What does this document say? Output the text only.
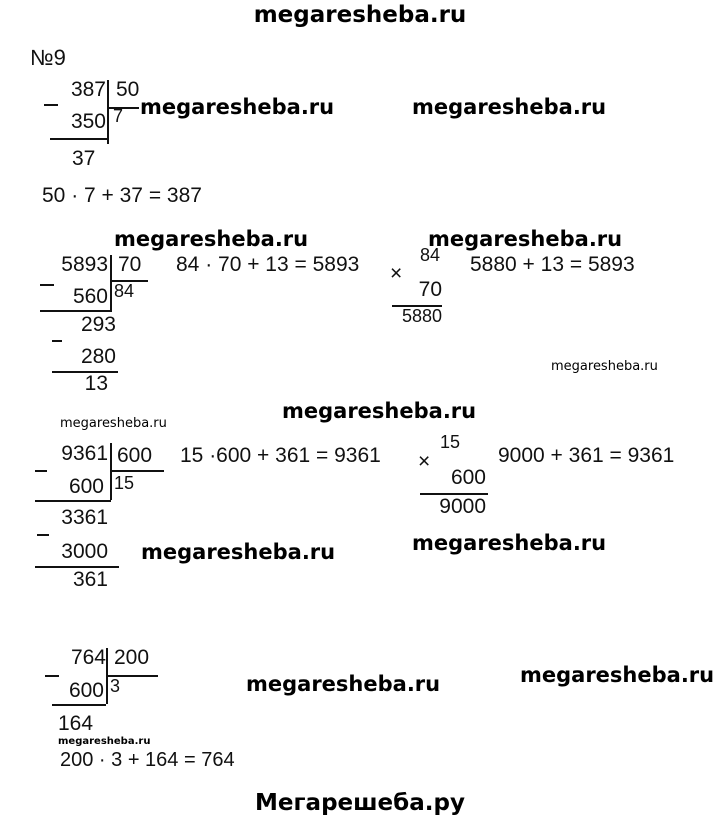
megaresheba.ru
Мегарешеба.ру
№9
387 50
350 7
37
50 · 7 + 37 = 387
5893 70
560 84
293
280
13
84 · 70 + 13 = 5893 ×
84
70
5880
5880 + 13 = 5893
9361 600
600 15
3361
3000
361
15 ·600 + 361 = 9361 ×
15
600
9000
9000 + 361 = 9361
764 200
600 3
164
200 · 3 + 164 = 764
megaresheba.ru	megaresheba.ru
megaresheba.ru	megaresheba.ru
megaresheba.ru
megaresheba.ru
megaresheba.ru
megaresheba.ru	megaresheba.ru
megaresheba.ru
megaresheba.ru
megaresheba.ru
